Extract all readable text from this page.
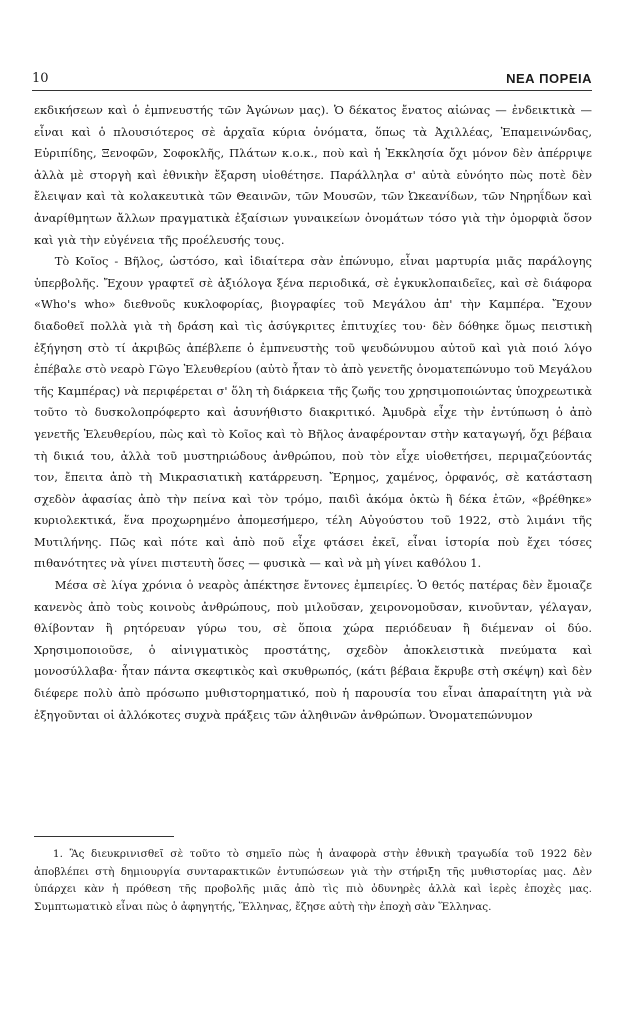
10	ΝΕΑ ΠΟΡΕΙΑ

εκδικήσεων καὶ ὁ ἐμπνευστής τῶν Ἀγώνων μας). Ὁ δέκατος ἔνατος αἰώνας — ἐνδεικτικὰ — εἶναι καὶ ὁ πλουσιότερος σὲ ἀρχαῖα κύρια ὀνόματα, ὅπως τὰ Ἀχιλλέας, Ἐπαμεινώνδας, Εὐριπίδης, Ξενοφῶν, Σοφοκλῆς, Πλάτων κ.ο.κ., ποὺ καὶ ἡ Ἐκκλησία ὄχι μόνον δὲν ἀπέρριψε ἀλλὰ μὲ στοργὴ καὶ ἐθνικὴν ἔξαρση υἱοθέτησε. Παράλληλα σ' αὐτὰ εὐνόητο πὼς ποτὲ δὲν ἔλειψαν καὶ τὰ κολακευτικὰ τῶν Θεαινῶν, τῶν Μουσῶν, τῶν Ὠκεανίδων, τῶν Νηρηΐδων καὶ ἀναρίθμητων ἄλλων πραγματικὰ ἐξαίσιων γυναικείων ὀνομάτων τόσο γιὰ τὴν ὀμορφιὰ ὅσον καὶ γιὰ τὴν εὐγένεια τῆς προέλευσής τους.

Τὸ Κοῖος - Βῆλος, ὡστόσο, καὶ ἰδιαίτερα σὰν ἐπώνυμο, εἶναι μαρτυρία μιᾶς παράλογης ὑπερβολῆς. Ἔχουν γραφτεῖ σὲ ἀξιόλογα ξένα περιοδικά, σὲ ἐγκυκλοπαιδεῖες, καὶ σὲ διάφορα «Who's who» διεθνοῦς κυκλοφορίας, βιογραφίες τοῦ Μεγάλου ἀπ' τὴν Καμπέρα. Ἔχουν διαδοθεῖ πολλὰ γιὰ τὴ δράση καὶ τὶς ἀσύγκριτες ἐπιτυχίες του· δὲν δόθηκε ὅμως πειστικὴ ἐξήγηση στὸ τί ἀκριβῶς ἀπέβλεπε ὁ ἐμπνευστὴς τοῦ ψευδώνυμου αὐτοῦ καὶ γιὰ ποιό λόγο ἐπέβαλε στὸ νεαρὸ Γῶγο Ἐλευθερίου (αὐτὸ ἦταν τὸ ἀπὸ γενετῆς ὀνοματεπώνυμο τοῦ Μεγάλου τῆς Καμπέρας) νὰ περιφέρεται σ' ὅλη τὴ διάρκεια τῆς ζωῆς του χρησιμοποιώντας ὑποχρεωτικὰ τοῦτο τὸ δυσκολοπρόφερτο καὶ ἀσυνήθιστο διακριτικό. Ἀμυδρὰ εἶχε τὴν ἐντύπωση ὁ ἀπὸ γενετῆς Ἐλευθερίου, πὼς καὶ τὸ Κοῖος καὶ τὸ Βῆλος ἀναφέρονταν στὴν καταγωγή, ὄχι βέβαια τὴ δικιά του, ἀλλὰ τοῦ μυστηριώδους ἀνθρώπου, ποὺ τὸν εἶχε υἱοθετήσει, περιμαζεύοντάς τον, ἔπειτα ἀπὸ τὴ Μικρασιατικὴ κατάρρευση. Ἔρημος, χαμένος, ὀρφανός, σὲ κατάσταση σχεδὸν ἀφασίας ἀπὸ τὴν πείνα καὶ τὸν τρόμο, παιδὶ ἀκόμα ὀκτὼ ἢ δέκα ἐτῶν, «βρέθηκε» κυριολεκτικά, ἕνα προχωρημένο ἀπομεσήμερο, τέλη Αὐγούστου τοῦ 1922, στὸ λιμάνι τῆς Μυτιλήνης. Πῶς καὶ πότε καὶ ἀπὸ ποῦ εἶχε φτάσει ἐκεῖ, εἶναι ἱστορία ποὺ ἔχει τόσες πιθανότητες νὰ γίνει πιστευτὴ ὅσες — φυσικὰ — καὶ νὰ μὴ γίνει καθόλου 1.

Μέσα σὲ λίγα χρόνια ὁ νεαρὸς ἀπέκτησε ἔντονες ἐμπειρίες. Ὁ θετός πατέρας δὲν ἔμοιαζε κανενὸς ἀπὸ τοὺς κοινοὺς ἀνθρώπους, ποὺ μιλοῦσαν, χειρονομοῦσαν, κινοῦνταν, γέλαγαν, θλίβονταν ἢ ρητόρευαν γύρω του, σὲ ὅποια χώρα περιόδευαν ἢ διέμεναν οἱ δύο. Χρησιμοποιοῦσε, ὁ αἰνιγματικὸς προστάτης, σχεδὸν ἀποκλειστικὰ πνεύματα καὶ μονοσύλλαβα· ἦταν πάντα σκεφτικὸς καὶ σκυθρωπός, (κάτι βέβαια ἔκρυβε στὴ σκέψη) καὶ δὲν διέφερε πολὺ ἀπὸ πρόσωπο μυθιστορηματικό, ποὺ ἡ παρουσία του εἶναι ἀπαραίτητη γιὰ νὰ ἐξηγοῦνται οἱ ἀλλόκοτες συχνὰ πράξεις τῶν ἀληθινῶν ἀνθρώπων. Ὀνοματεπώνυμον

1. Ἂς διευκρινισθεῖ σὲ τοῦτο τὸ σημεῖο πὼς ἡ ἀναφορὰ στὴν ἐθνικὴ τραγωδία τοῦ 1922 δὲν ἀποβλέπει στὴ δημιουργία συνταρακτικῶν ἐντυπώσεων γιὰ τὴν στήριξη τῆς μυθιστορίας μας. Δὲν ὑπάρχει κὰν ἡ πρόθεση τῆς προβολῆς μιᾶς ἀπὸ τὶς πιὸ ὀδυνηρὲς ἀλλὰ καὶ ἱερὲς ἐποχὲς μας. Συμπτωματικὸ εἶναι πὼς ὁ ἀφηγητής, Ἕλληνας, ἔζησε αὐτὴ τὴν ἐποχὴ σὰν Ἕλληνας.
